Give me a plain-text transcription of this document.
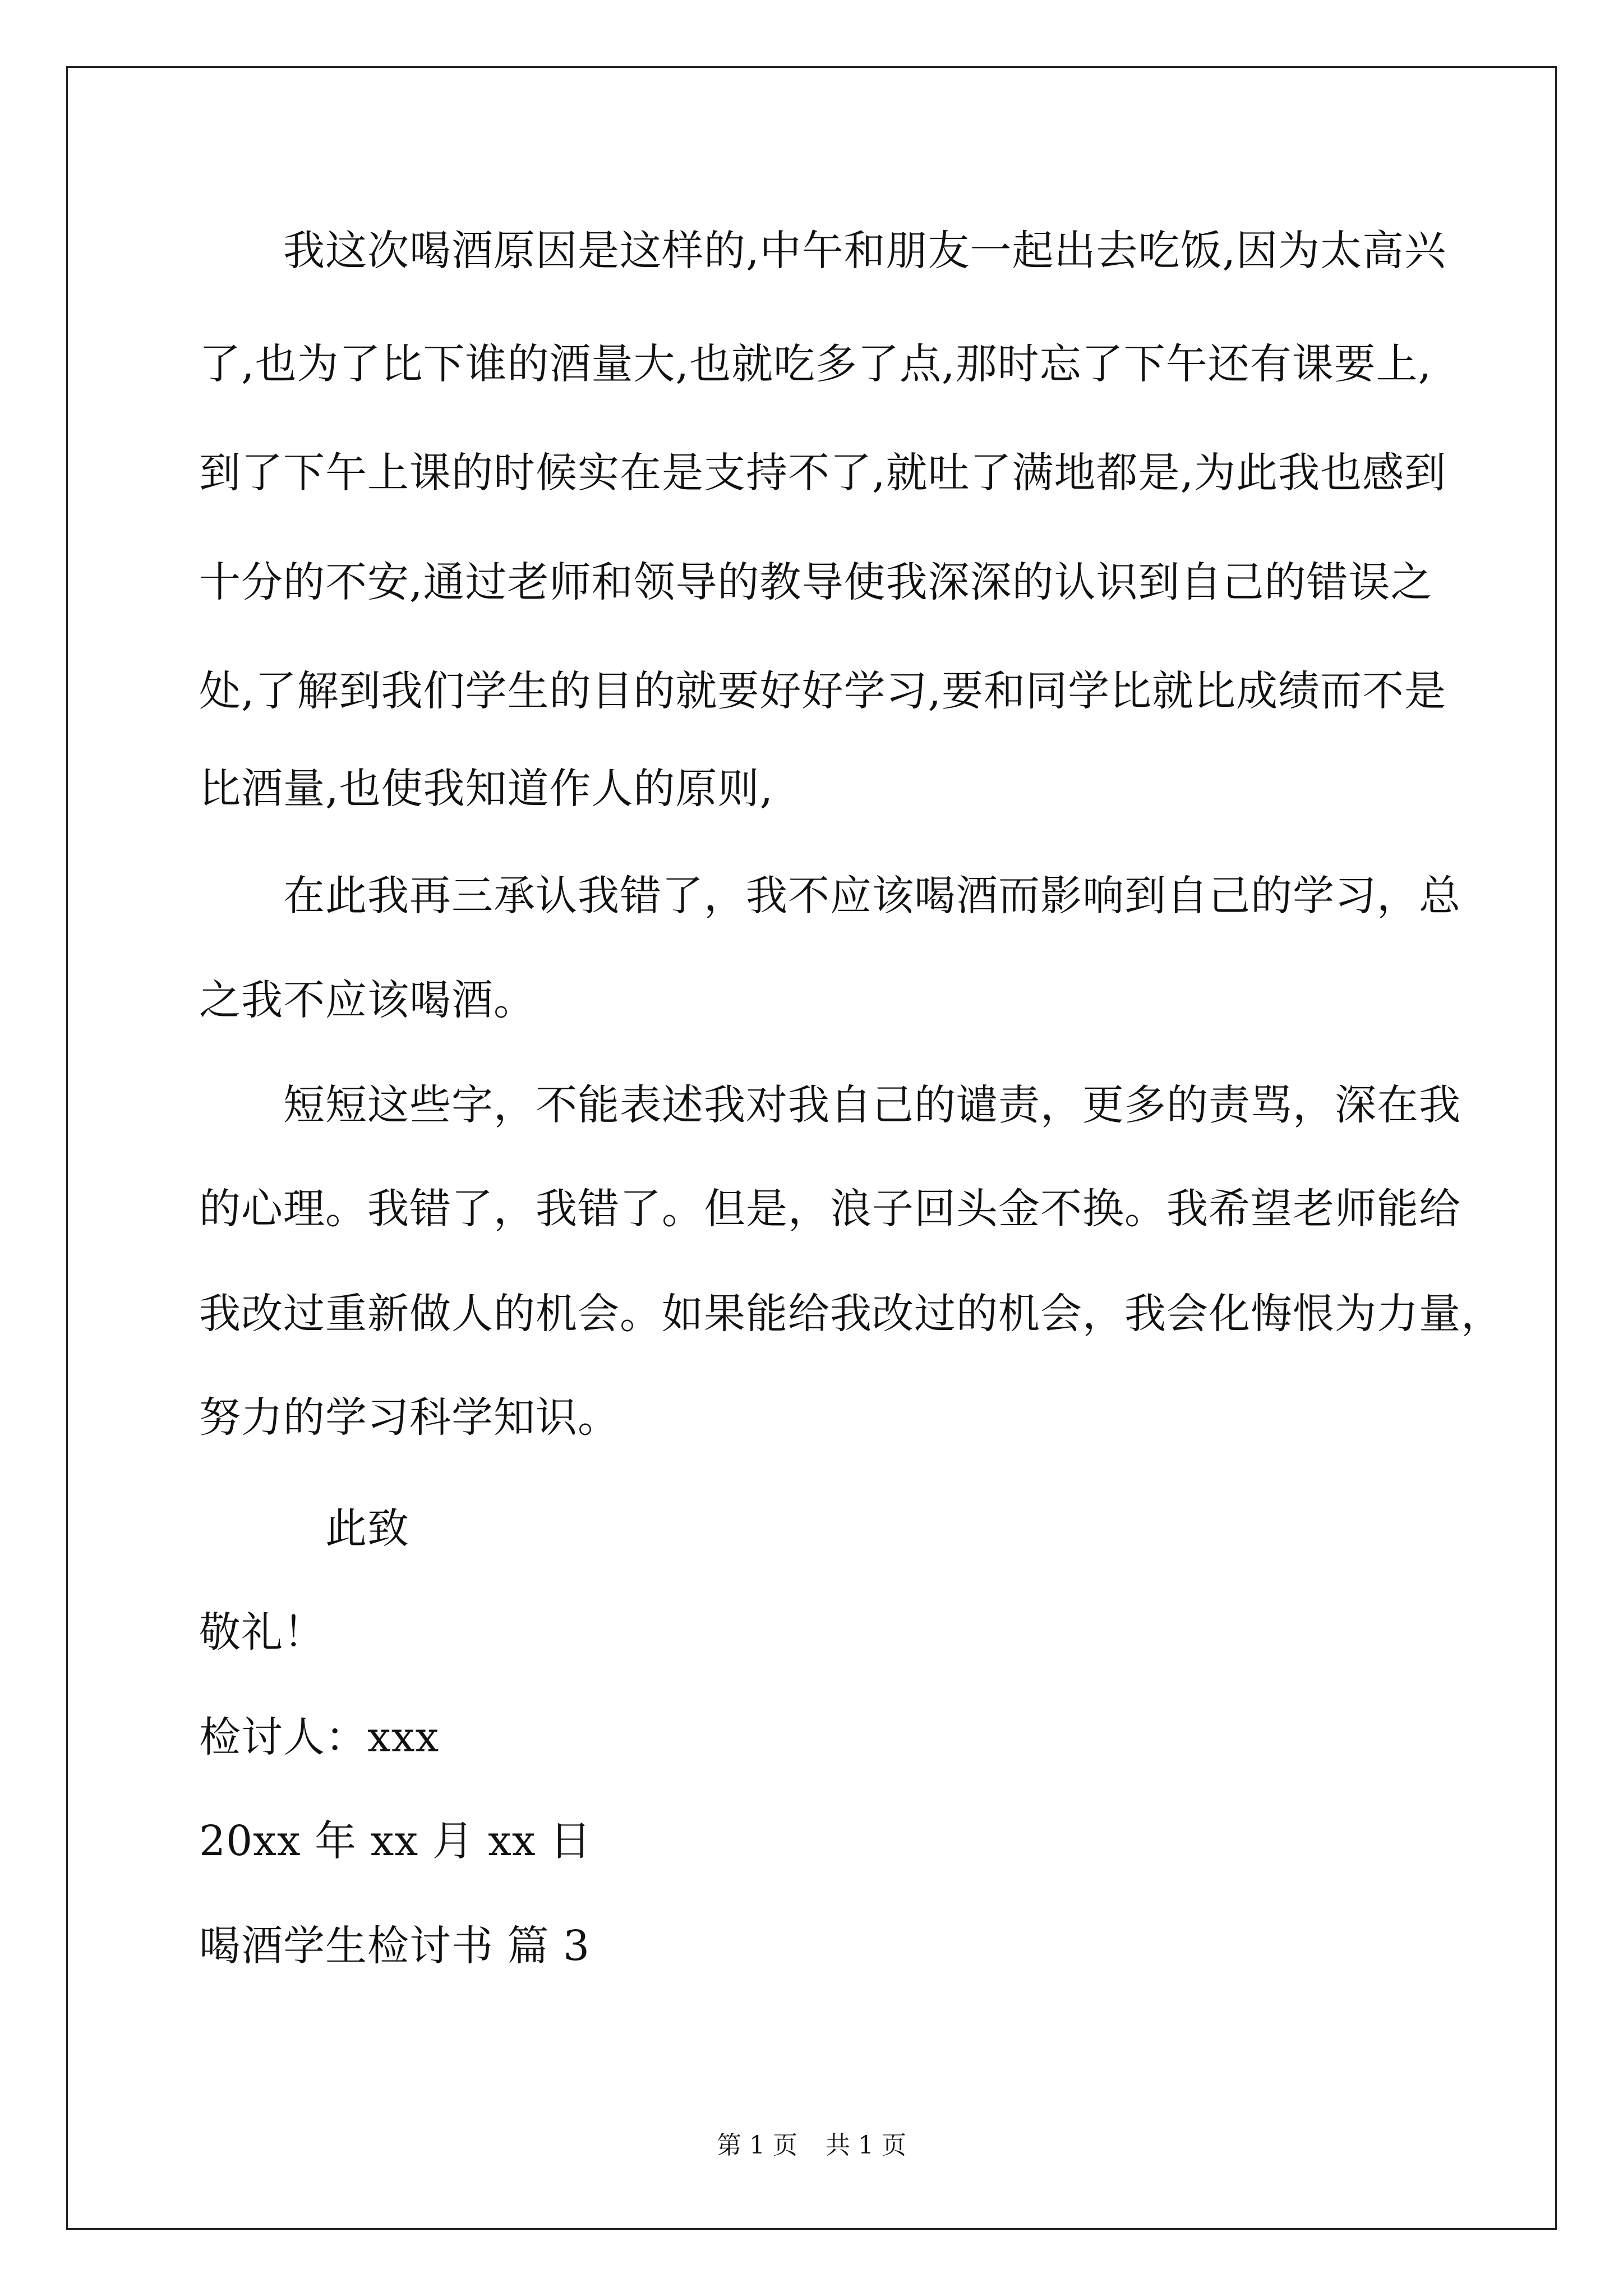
　　我这次喝酒原因是这样的,中午和朋友一起出去吃饭,因为太高兴
了,也为了比下谁的酒量大,也就吃多了点,那时忘了下午还有课要上,
到了下午上课的时候实在是支持不了,就吐了满地都是,为此我也感到
十分的不安,通过老师和领导的教导使我深深的认识到自己的错误之
处,了解到我们学生的目的就要好好学习,要和同学比就比成绩而不是
比酒量,也使我知道作人的原则,
　　在此我再三承认我错了，我不应该喝酒而影响到自己的学习，总
之我不应该喝酒。
　　短短这些字，不能表述我对我自己的谴责，更多的责骂，深在我
的心理。我错了，我错了。但是，浪子回头金不换。我希望老师能给
我改过重新做人的机会。如果能给我改过的机会，我会化悔恨为力量，
努力的学习科学知识。
　　　此致
敬礼！
检讨人：xxx
20xx 年 xx 月 xx 日
喝酒学生检讨书 篇 3
第 1 页 共 1 页
